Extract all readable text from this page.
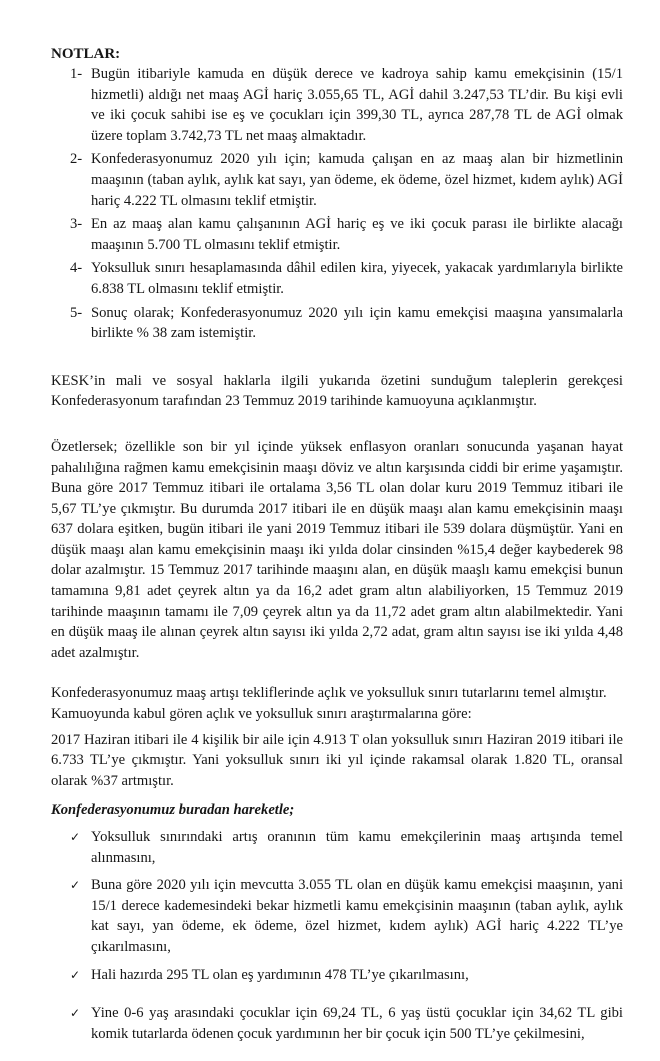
NOTLAR:
1- Bugün itibariyle kamuda en düşük derece ve kadroya sahip kamu emekçisinin (15/1 hizmetli) aldığı net maaş AGİ hariç 3.055,65 TL, AGİ dahil 3.247,53 TL’dir. Bu kişi evli ve iki çocuk sahibi ise eş ve çocukları için 399,30 TL, ayrıca 287,78 TL de AGİ olmak üzere toplam 3.742,73 TL net maaş almaktadır.
2- Konfederasyonumuz 2020 yılı için; kamuda çalışan en az maaş alan bir hizmetlinin maaşının (taban aylık, aylık kat sayı, yan ödeme, ek ödeme, özel hizmet, kıdem aylık) AGİ hariç 4.222 TL olmasını teklif etmiştir.
3- En az maaş alan kamu çalışanının AGİ hariç eş ve iki çocuk parası ile birlikte alacağı maaşının 5.700 TL olmasını teklif etmiştir.
4- Yoksulluk sınırı hesaplamasında dâhil edilen kira, yiyecek, yakacak yardımlarıyla birlikte 6.838 TL olmasını teklif etmiştir.
5- Sonuç olarak; Konfederasyonumuz 2020 yılı için kamu emekçisi maaşına yansımalarla birlikte % 38 zam istemiştir.

KESK’in mali ve sosyal haklarla ilgili yukarıda özetini sunduğum taleplerin gerekçesi Konfederasyonum tarafından 23 Temmuz 2019 tarihinde kamuoyuna açıklanmıştır.

Özetlersek; özellikle son bir yıl içinde yüksek enflasyon oranları sonucunda yaşanan hayat pahalılığına rağmen kamu emekçisinin maaşı döviz ve altın karşısında ciddi bir erime yaşamıştır. Buna göre 2017 Temmuz itibari ile ortalama 3,56 TL olan dolar kuru 2019 Temmuz itibari ile 5,67 TL’ye çıkmıştır. Bu durumda 2017 itibari ile en düşük maaşı alan kamu emekçisinin maaşı 637 dolara eşitken, bugün itibari ile yani 2019 Temmuz itibari ile 539 dolara düşmüştür. Yani en düşük maaşı alan kamu emekçisinin maaşı iki yılda dolar cinsinden %15,4 değer kaybederek 98 dolar azalmıştır. 15 Temmuz 2017 tarihinde maaşını alan, en düşük maaşlı kamu emekçisi bunun tamamına 9,81 adet çeyrek altın ya da 16,2 adet gram altın alabiliyorken, 15 Temmuz 2019 tarihinde maaşının tamamı ile 7,09 çeyrek altın ya da 11,72 adet gram altın alabilmektedir. Yani en düşük maaş ile alınan çeyrek altın sayısı iki yılda 2,72 adat, gram altın sayısı ise iki yılda 4,48 adet azalmıştır.

Konfederasyonumuz maaş artışı tekliflerinde açlık ve yoksulluk sınırı tutarlarını temel almıştır.
Kamuoyunda kabul gören açlık ve yoksulluk sınırı araştırmalarına göre:

2017 Haziran itibari ile 4 kişilik bir aile için 4.913 T olan yoksulluk sınırı Haziran 2019 itibari ile 6.733 TL’ye çıkmıştır. Yani yoksulluk sınırı iki yıl içinde rakamsal olarak 1.820 TL, oransal olarak %37 artmıştır.

Konfederasyonumuz buradan hareketle;
✓ Yoksulluk sınırındaki artış oranının tüm kamu emekçilerinin maaş artışında temel alınmasını,
✓ Buna göre 2020 yılı için mevcutta 3.055 TL olan en düşük kamu emekçisi maaşının, yani 15/1 derece kademesindeki bekar hizmetli kamu emekçisinin maaşının (taban aylık, aylık kat sayı, yan ödeme, ek ödeme, özel hizmet, kıdem aylık) AGİ hariç 4.222 TL’ye çıkarılmasını,
✓ Hali hazırda 295 TL olan eş yardımının 478 TL’ye çıkarılmasını,
✓ Yine 0-6 yaş arasındaki çocuklar için 69,24 TL, 6 yaş üstü çocuklar için 34,62 TL gibi komik tutarlarda ödenen çocuk yardımının her bir çocuk için 500 TL’ye çekilmesini,
